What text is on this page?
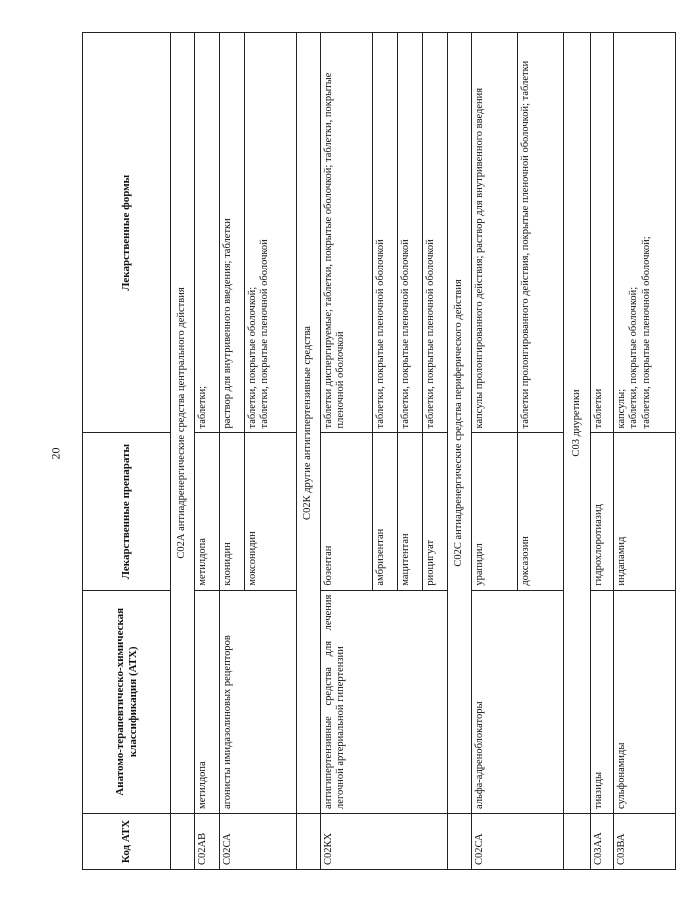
20
Код АТХ	Анатомо-терапевтическо-химическая классификация (АТХ)	Лекарственные препараты	Лекарственные формы
	С02А антиадренергические средства центрального действия		
С02АВ	метилдопа	метилдопа	таблетки;
С02СА	агонисты имидазолиновых рецепторов	клонидин	раствор для внутривенного введения; таблетки
		моксонидин	таблетки, покрытые оболочкой;
таблетки, покрытые пленочной оболочкой
	С02К другие антигипертензивные средства		
С02КХ	антигипертензивные средства для лечения легочной артериальной гипертензии	бозентан	таблетки диспергируемые; таблетки, покрытые оболочкой; таблетки, покрытые пленочной оболочкой
		амбризентан	таблетки, покрытые пленочной оболочкой
		мацитентан	таблетки, покрытые пленочной оболочкой
		риоцигуат	таблетки, покрытые пленочной оболочкой
	С02С антиадренергические средства периферического действия		
С02СА	альфа-адреноблокаторы	урапидил	капсулы пролонгированного действия; раствор для внутривенного введения
		доксазозин	таблетки пролонгированного действия, покрытые пленочной оболочкой; таблетки
	С03 диуретики		
С03АА	тиазиды	гидрохлоротиазид	таблетки
С03ВА	сульфонамиды	индапамид	капсулы;
таблетки, покрытые оболочкой;
таблетки, покрытые пленочной оболочкой;
